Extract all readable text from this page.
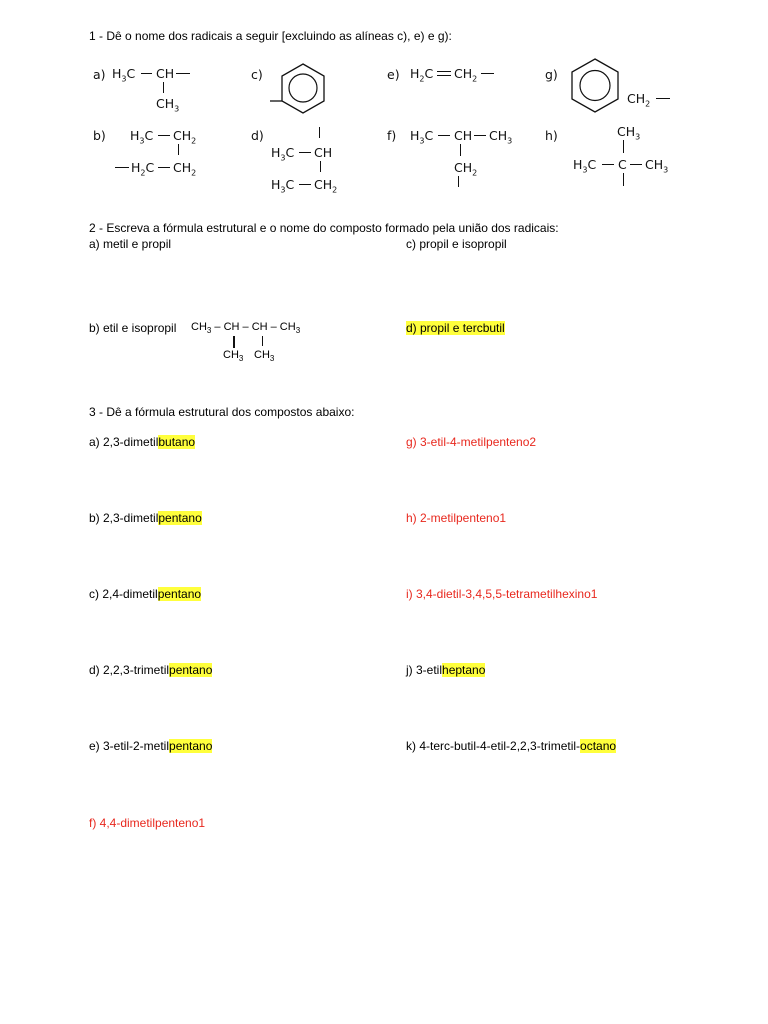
1 - Dê o nome dos radicais a seguir [excluindo as alíneas c), e) e g):
a)	c)	e)	g)
b)	d)	f)	h)
$H_3C$ CH
$CH_3$
$H_2C$ $CH_2$
$CH_2$
$H_3C$ $CH_2$
$H_2C$ $CH_2$
$H_3C$ CH
$H_3C$ $CH_2$
$H_3C$ CH $CH_3$
$CH_2$
$CH_3$
$H_3C$ C $CH_3$
2 - Escreva a fórmula estrutural e o nome do composto formado pela união dos radicais:
a) metil e propil	c) propil e isopropil
b) etil e isopropil $CH_3$ – CH – CH – $CH_3$
$CH_3$ $CH_3$
d) propil e tercbutil
3 - Dê a fórmula estrutural dos compostos abaixo:
a) 2,3-dimetilbutano
b) 2,3-dimetilpentano
c) 2,4-dimetilpentano
d) 2,2,3-trimetilpentano
e) 3-etil-2-metilpentano
f) 4,4-dimetilpenteno1
g) 3-etil-4-metilpenteno2
h) 2-metilpenteno1
i) 3,4-dietil-3,4,5,5-tetrametilhexino1
j) 3-etilheptano
k) 4-terc-butil-4-etil-2,2,3-trimetil-octano
